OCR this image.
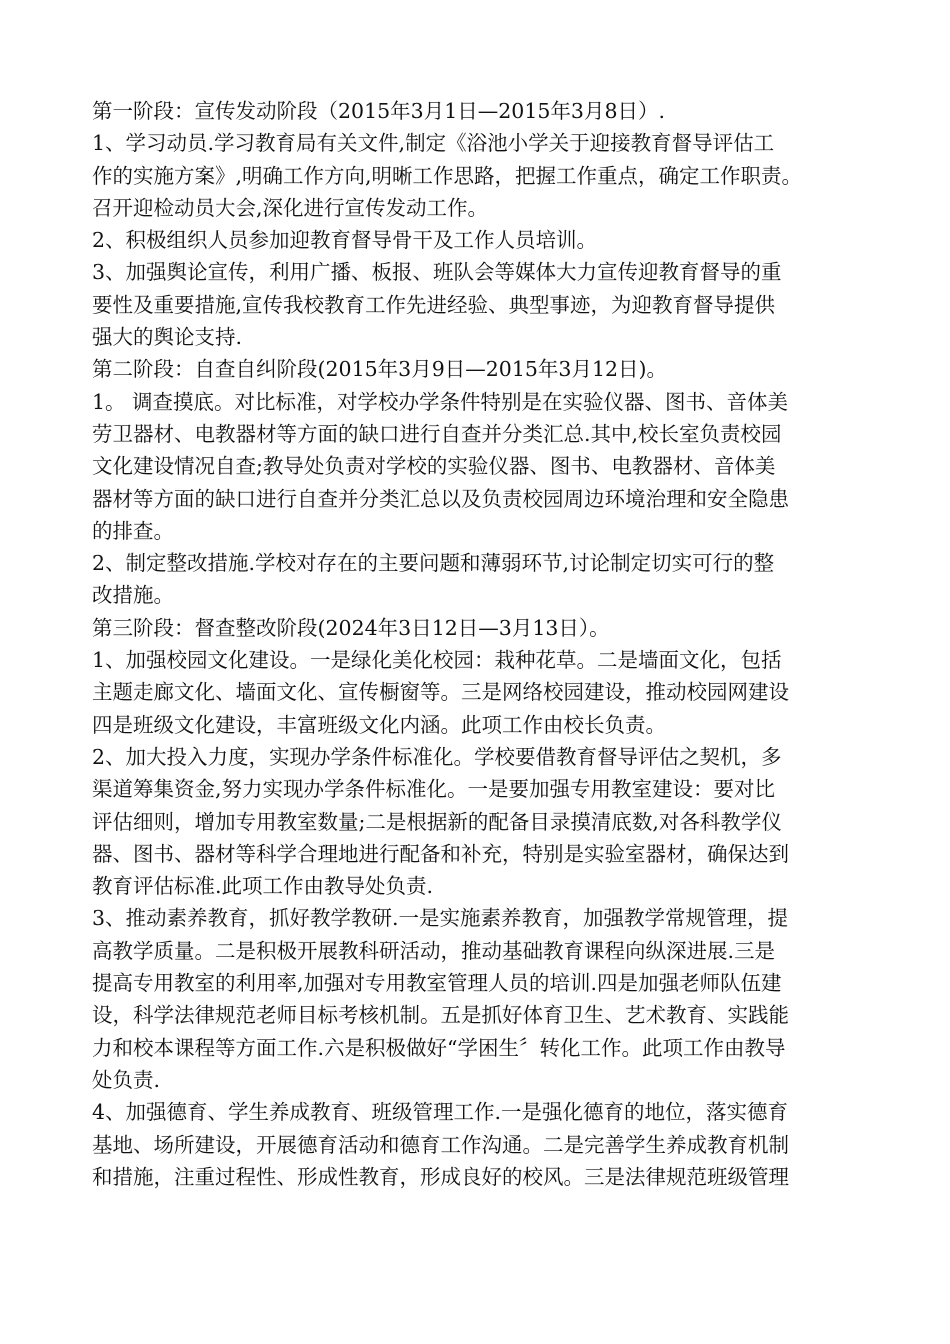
第一阶段：宣传发动阶段（2015年3月1日—2015年3月8日）.
1、学习动员.学习教育局有关文件,制定《浴池小学关于迎接教育督导评估工
作的实施方案》,明确工作方向,明晰工作思路，把握工作重点，确定工作职责。
召开迎检动员大会,深化进行宣传发动工作。
2、积极组织人员参加迎教育督导骨干及工作人员培训。
3、加强舆论宣传，利用广播、板报、班队会等媒体大力宣传迎教育督导的重
要性及重要措施,宣传我校教育工作先进经验、典型事迹，为迎教育督导提供
强大的舆论支持.
第二阶段：自查自纠阶段(2015年3月9日—2015年3月12日)。
1。 调查摸底。对比标准，对学校办学条件特别是在实验仪器、图书、音体美
劳卫器材、电教器材等方面的缺口进行自查并分类汇总.其中,校长室负责校园
文化建设情况自查;教导处负责对学校的实验仪器、图书、电教器材、音体美
器材等方面的缺口进行自查并分类汇总以及负责校园周边环境治理和安全隐患
的排查。
2、制定整改措施.学校对存在的主要问题和薄弱环节,讨论制定切实可行的整
改措施。
第三阶段：督查整改阶段(2024年3日12日—3月13日）。
1、加强校园文化建设。一是绿化美化校园：栽种花草。二是墙面文化，包括
主题走廊文化、墙面文化、宣传橱窗等。三是网络校园建设，推动校园网建设
四是班级文化建设，丰富班级文化内涵。此项工作由校长负责。
2、加大投入力度，实现办学条件标准化。学校要借教育督导评估之契机，多
渠道筹集资金,努力实现办学条件标准化。一是要加强专用教室建设：要对比
评估细则，增加专用教室数量;二是根据新的配备目录摸清底数,对各科教学仪
器、图书、器材等科学合理地进行配备和补充，特别是实验室器材，确保达到
教育评估标准.此项工作由教导处负责.
3、推动素养教育，抓好教学教研.一是实施素养教育，加强教学常规管理，提
高教学质量。二是积极开展教科研活动，推动基础教育课程向纵深进展.三是
提高专用教室的利用率,加强对专用教室管理人员的培训.四是加强老师队伍建
设，科学法律规范老师目标考核机制。五是抓好体育卫生、艺术教育、实践能
力和校本课程等方面工作.六是积极做好“学困生〞转化工作。此项工作由教导
处负责.
4、加强德育、学生养成教育、班级管理工作.一是强化德育的地位，落实德育
基地、场所建设，开展德育活动和德育工作沟通。二是完善学生养成教育机制
和措施，注重过程性、形成性教育，形成良好的校风。三是法律规范班级管理
